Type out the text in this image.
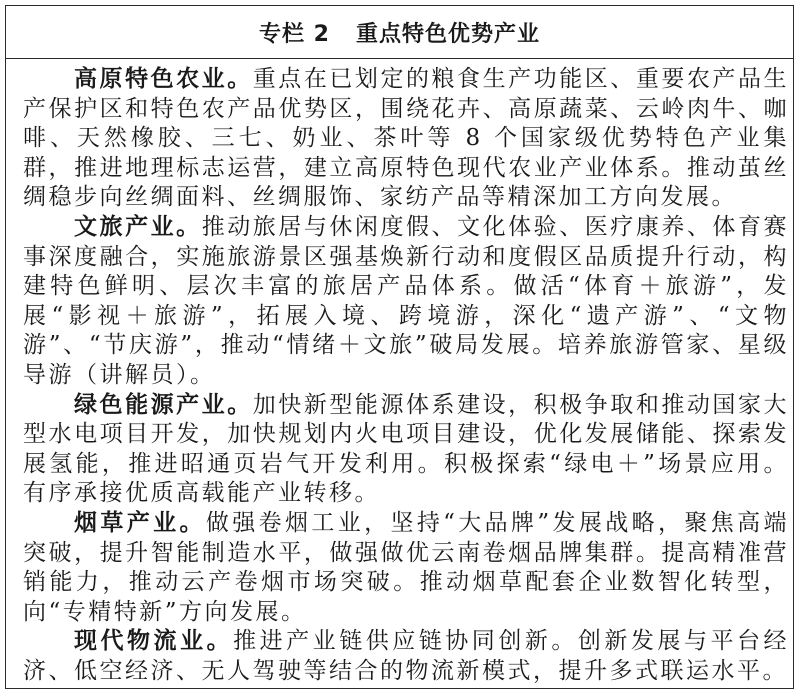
专栏 2 重点特色优势产业

高原特色农业。重点在已划定的粮食生产功能区、重要农产品生产保护区和特色农产品优势区，围绕花卉、高原蔬菜、云岭肉牛、咖啡、天然橡胶、三七、奶业、茶叶等 8 个国家级优势特色产业集群，推进地理标志运营，建立高原特色现代农业产业体系。推动茧丝绸稳步向丝绸面料、丝绸服饰、家纺产品等精深加工方向发展。

文旅产业。推动旅居与休闲度假、文化体验、医疗康养、体育赛事深度融合，实施旅游景区强基焕新行动和度假区品质提升行动，构建特色鲜明、层次丰富的旅居产品体系。做活“体育＋旅游”，发展“影视＋旅游”，拓展入境、跨境游，深化“遗产游”、“文物游”、“节庆游”，推动“情绪＋文旅”破局发展。培养旅游管家、星级导游（讲解员）。

绿色能源产业。加快新型能源体系建设，积极争取和推动国家大型水电项目开发，加快规划内火电项目建设，优化发展储能、探索发展氢能，推进昭通页岩气开发利用。积极探索“绿电＋”场景应用。有序承接优质高载能产业转移。

烟草产业。做强卷烟工业，坚持“大品牌”发展战略，聚焦高端突破，提升智能制造水平，做强做优云南卷烟品牌集群。提高精准营销能力，推动云产卷烟市场突破。推动烟草配套企业数智化转型，向“专精特新”方向发展。

现代物流业。推进产业链供应链协同创新。创新发展与平台经济、低空经济、无人驾驶等结合的物流新模式，提升多式联运水平。
